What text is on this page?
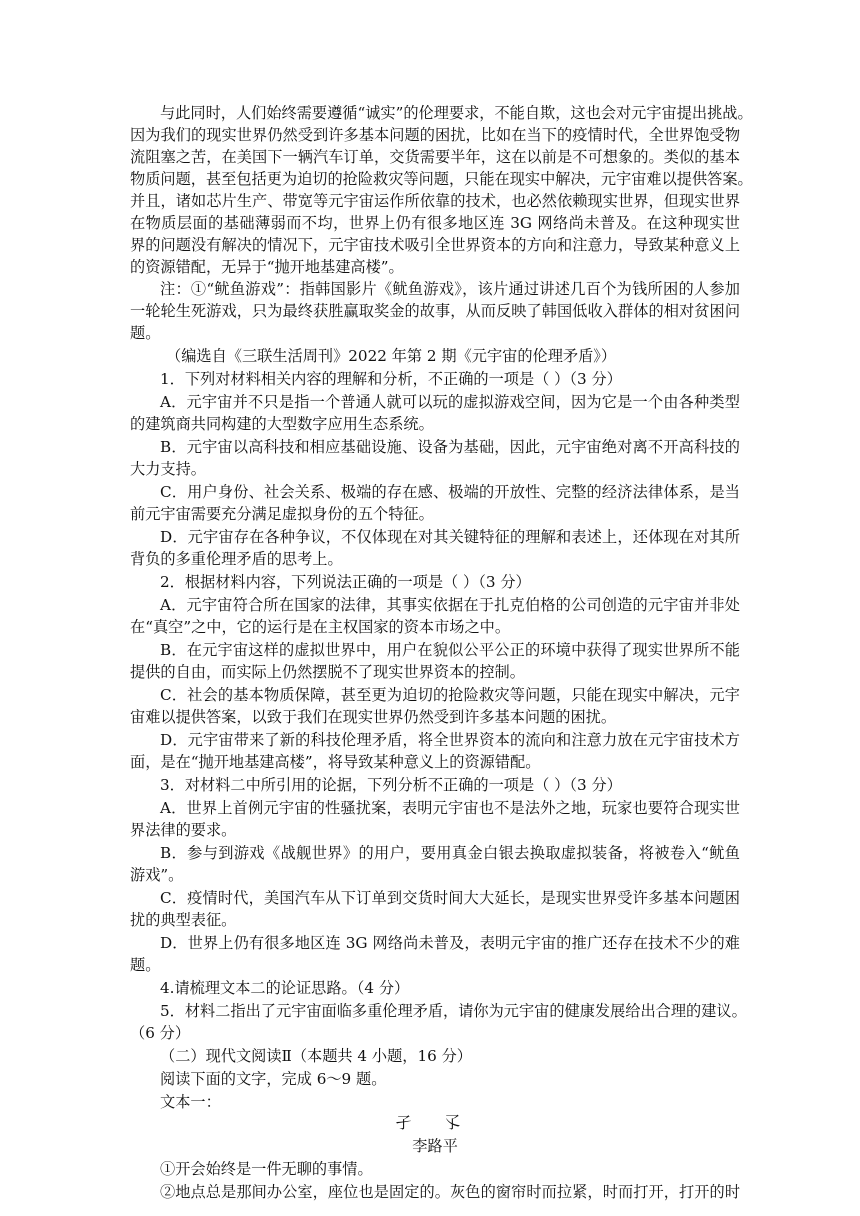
与此同时，人们始终需要遵循“诚实”的伦理要求，不能自欺，这也会对元宇宙提出挑战。
因为我们的现实世界仍然受到许多基本问题的困扰，比如在当下的疫情时代，全世界饱受物
流阻塞之苦，在美国下一辆汽车订单，交货需要半年，这在以前是不可想象的。类似的基本
物质问题，甚至包括更为迫切的抢险救灾等问题，只能在现实中解决，元宇宙难以提供答案。
并且，诸如芯片生产、带宽等元宇宙运作所依靠的技术，也必然依赖现实世界，但现实世界
在物质层面的基础薄弱而不均，世界上仍有很多地区连 3G 网络尚未普及。在这种现实世
界的问题没有解决的情况下，元宇宙技术吸引全世界资本的方向和注意力，导致某种意义上
的资源错配，无异于“抛开地基建高楼”。
注：①“鱿鱼游戏”：指韩国影片《鱿鱼游戏》，该片通过讲述几百个为钱所困的人参加
一轮轮生死游戏，只为最终获胜赢取奖金的故事，从而反映了韩国低收入群体的相对贫困问
题。
（编选自《三联生活周刊》2022 年第 2 期《元宇宙的伦理矛盾》）
1．下列对材料相关内容的理解和分析，不正确的一项是（ ）（3 分）
A．元宇宙并不只是指一个普通人就可以玩的虚拟游戏空间，因为它是一个由各种类型
的建筑商共同构建的大型数字应用生态系统。
B．元宇宙以高科技和相应基础设施、设备为基础，因此，元宇宙绝对离不开高科技的
大力支持。
C．用户身份、社会关系、极端的存在感、极端的开放性、完整的经济法律体系，是当
前元宇宙需要充分满足虚拟身份的五个特征。
D．元宇宙存在各种争议，不仅体现在对其关键特征的理解和表述上，还体现在对其所
背负的多重伦理矛盾的思考上。
2．根据材料内容，下列说法正确的一项是（ ）（3 分）
A．元宇宙符合所在国家的法律，其事实依据在于扎克伯格的公司创造的元宇宙并非处
在“真空”之中，它的运行是在主权国家的资本市场之中。
B．在元宇宙这样的虚拟世界中，用户在貌似公平公正的环境中获得了现实世界所不能
提供的自由，而实际上仍然摆脱不了现实世界资本的控制。
C．社会的基本物质保障，甚至更为迫切的抢险救灾等问题，只能在现实中解决，元宇
宙难以提供答案，以致于我们在现实世界仍然受到许多基本问题的困扰。
D．元宇宙带来了新的科技伦理矛盾，将全世界资本的流向和注意力放在元宇宙技术方
面，是在“抛开地基建高楼”，将导致某种意义上的资源错配。
3．对材料二中所引用的论据，下列分析不正确的一项是（ ）（3 分）
A．世界上首例元宇宙的性骚扰案，表明元宇宙也不是法外之地，玩家也要符合现实世
界法律的要求。
B．参与到游戏《战舰世界》的用户，要用真金白银去换取虚拟装备，将被卷入“鱿鱼
游戏”。
C．疫情时代，美国汽车从下订单到交货时间大大延长，是现实世界受许多基本问题困
扰的典型表征。
D．世界上仍有很多地区连 3G 网络尚未普及，表明元宇宙的推广还存在技术不少的难
题。
4.请梳理文本二的论证思路。（4 分）
5．材料二指出了元宇宙面临多重伦理矛盾，请你为元宇宙的健康发展给出合理的建议。
（6 分）
（二）现代文阅读Ⅱ（本题共 4 小题，16 分）
阅读下面的文字，完成 6～9 题。
文本一：
孑 孓
李路平
①开会始终是一件无聊的事情。
②地点总是那间办公室，座位也是固定的。灰色的窗帘时而拉紧，时而打开，打开的时
